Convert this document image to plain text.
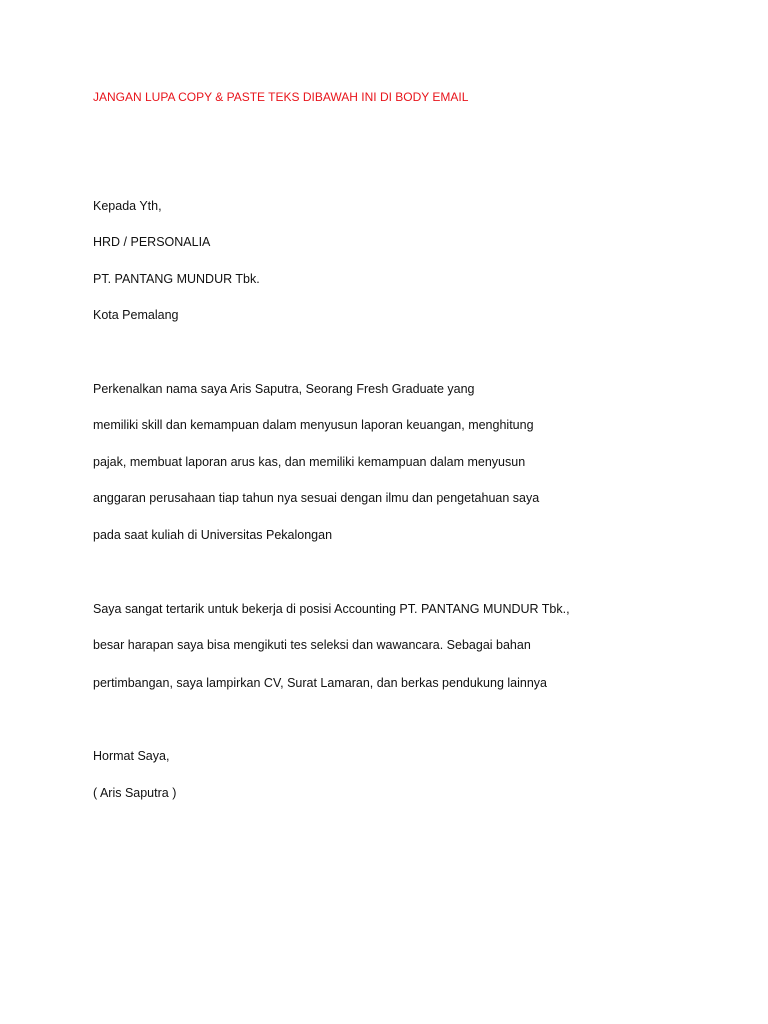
JANGAN LUPA COPY & PASTE TEKS DIBAWAH INI DI BODY EMAIL

Kepada Yth,

HRD / PERSONALIA

PT. PANTANG MUNDUR Tbk.

Kota Pemalang

Perkenalkan nama saya Aris Saputra, Seorang Fresh Graduate yang

memiliki skill dan kemampuan dalam menyusun laporan keuangan, menghitung

pajak, membuat laporan arus kas, dan memiliki kemampuan dalam menyusun

anggaran perusahaan tiap tahun nya sesuai dengan ilmu dan pengetahuan saya

pada saat kuliah di Universitas Pekalongan

Saya sangat tertarik untuk bekerja di posisi Accounting PT. PANTANG MUNDUR Tbk.,

besar harapan saya bisa mengikuti tes seleksi dan wawancara. Sebagai bahan

pertimbangan, saya lampirkan CV, Surat Lamaran, dan berkas pendukung lainnya

Hormat Saya,

( Aris Saputra )
